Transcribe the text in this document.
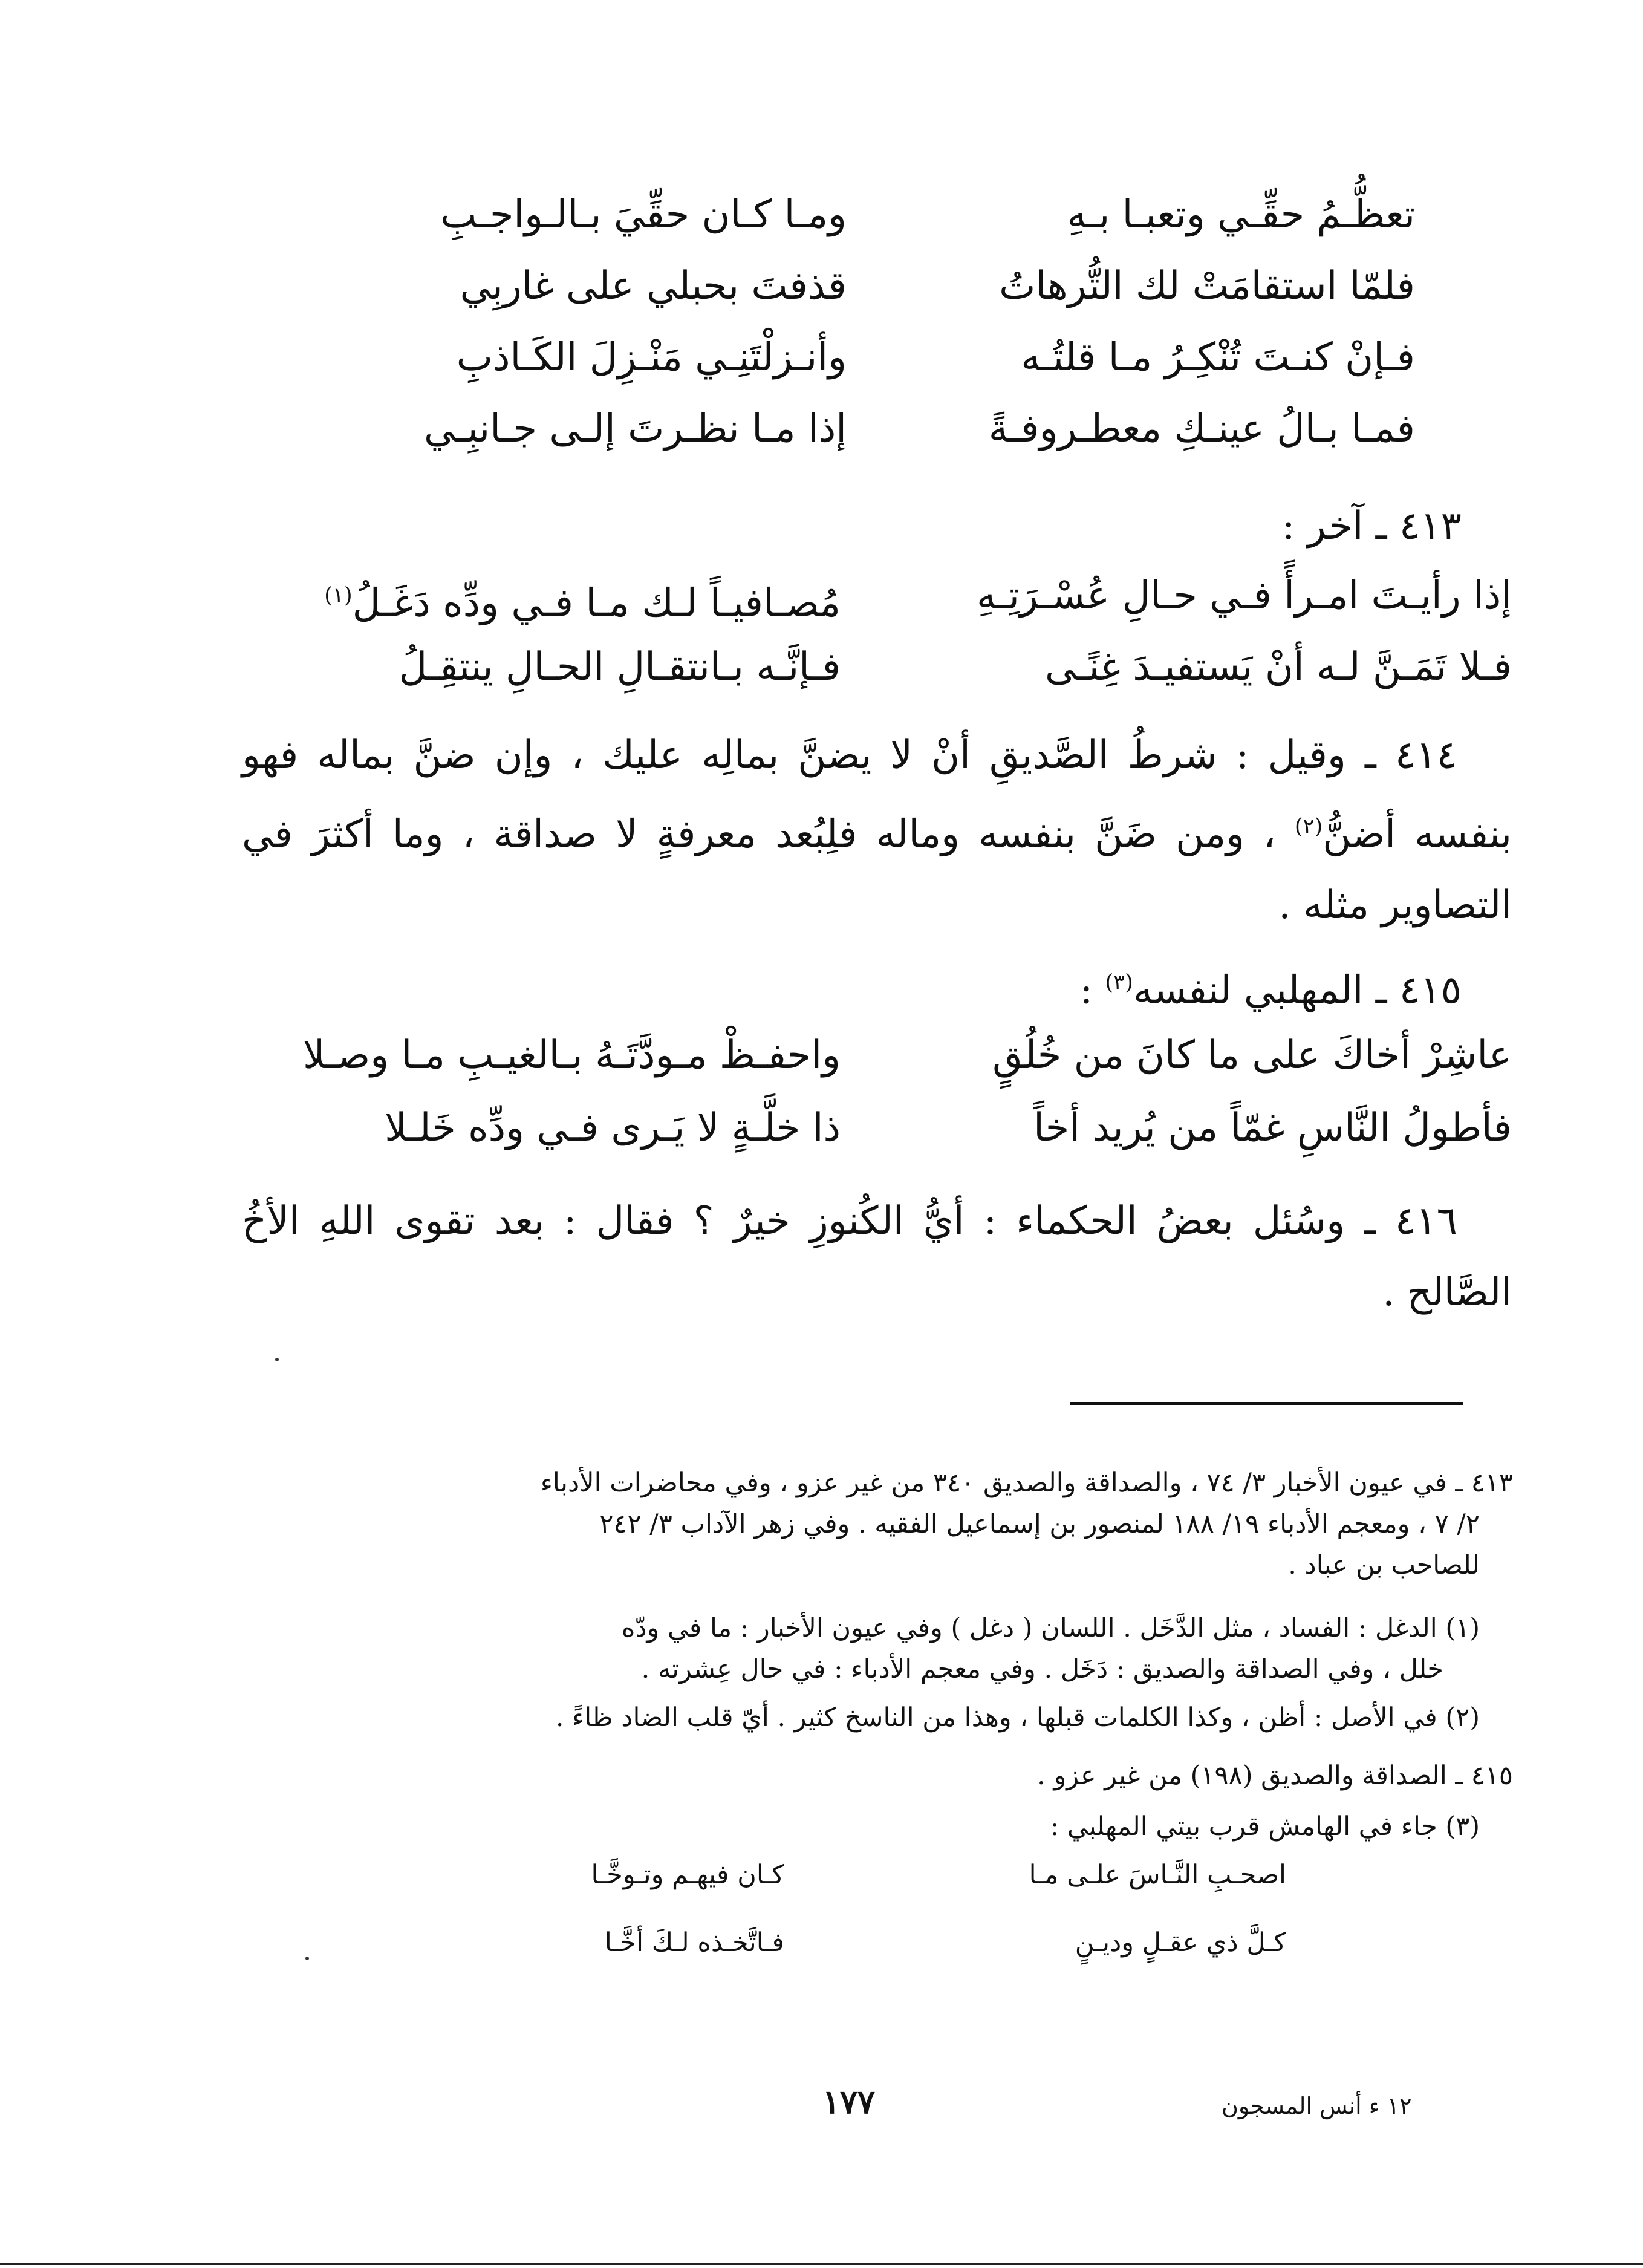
تعظُّـمُ حقِّـي وتعبـا بـهِ
ومـا كـان حقِّيَ بـالـواجـبِ
فلمّا استقامَتْ لك التُّرهاتُ
قذفتَ بحبلي على غاربِي
فـإنْ كنـتَ تُنْكِـرُ مـا قلتُـه
وأنـزلْتَنِـي مَنْـزِلَ الكَـاذبِ
فمـا بـالُ عينـكِ معطـروفـةً
إذا مـا نظـرتَ إلـى جـانبِـي
٤١٣ ـ آخر :
إذا رأيـتَ امـرأً فـي حـالِ عُسْـرَتِـهِ
مُصـافيـاً لـك مـا فـي ودِّه دَغَـلُ$^{(١)}$
فـلا تَمَـنَّ لـه أنْ يَستفيـدَ غِنًـى
فـإنَّـه بـانتقـالِ الحـالِ ينتقِـلُ
٤١٤ ـ وقيل : شرطُ الصَّديقِ أنْ لا يضنَّ بمالِه عليك ، وإن ضنَّ بماله فهو بنفسه أضنُّ$^{(٢)}$ ، ومن ضَنَّ بنفسه وماله فلِبُعد معرفةٍ لا صداقة ، وما أكثرَ في التصاوير مثله .
٤١٥ ـ المهلبي لنفسه$^{(٣)}$ :
عاشِرْ أخاكَ على ما كانَ من خُلُقٍ
واحفـظْ مـودَّتَـهُ بـالغيـبِ مـا وصـلا
فأطولُ النَّاسِ غمّاً من يُريد أخاً
ذا خلَّـةٍ لا يَـرى فـي ودِّه خَلـلا
٤١٦ ـ وسُئل بعضُ الحكماء : أيُّ الكُنوزِ خيرٌ ؟ فقال : بعد تقوى اللهِ الأخُ الصَّالح .
٤١٣ ـ في عيون الأخبار ٣/ ٧٤ ، والصداقة والصديق ٣٤٠ من غير عزو ، وفي محاضرات الأدباء
٢/ ٧ ، ومعجم الأدباء ١٩/ ١٨٨ لمنصور بن إسماعيل الفقيه . وفي زهر الآداب ٣/ ٢٤٢
للصاحب بن عباد .
(١) الدغل : الفساد ، مثل الدَّخَل . اللسان ( دغل ) وفي عيون الأخبار : ما في ودّه
خلل ، وفي الصداقة والصديق : دَخَل . وفي معجم الأدباء : في حال عِشرته .
(٢) في الأصل : أظن ، وكذا الكلمات قبلها ، وهذا من الناسخ كثير . أيّ قلب الضاد ظاءً .
٤١٥ ـ الصداقة والصديق (١٩٨) من غير عزو .
(٣) جاء في الهامش قرب بيتي المهلبي :
اصحـبِ النَّـاسَ علـى مـا
كـان فيهـم وتـوخَّـا
كـلَّ ذي عقـلٍ وديـنٍ
فـاتَّخـذه لـكَ أخَّـا
١٧٧	١٢ ء أنس المسجون
